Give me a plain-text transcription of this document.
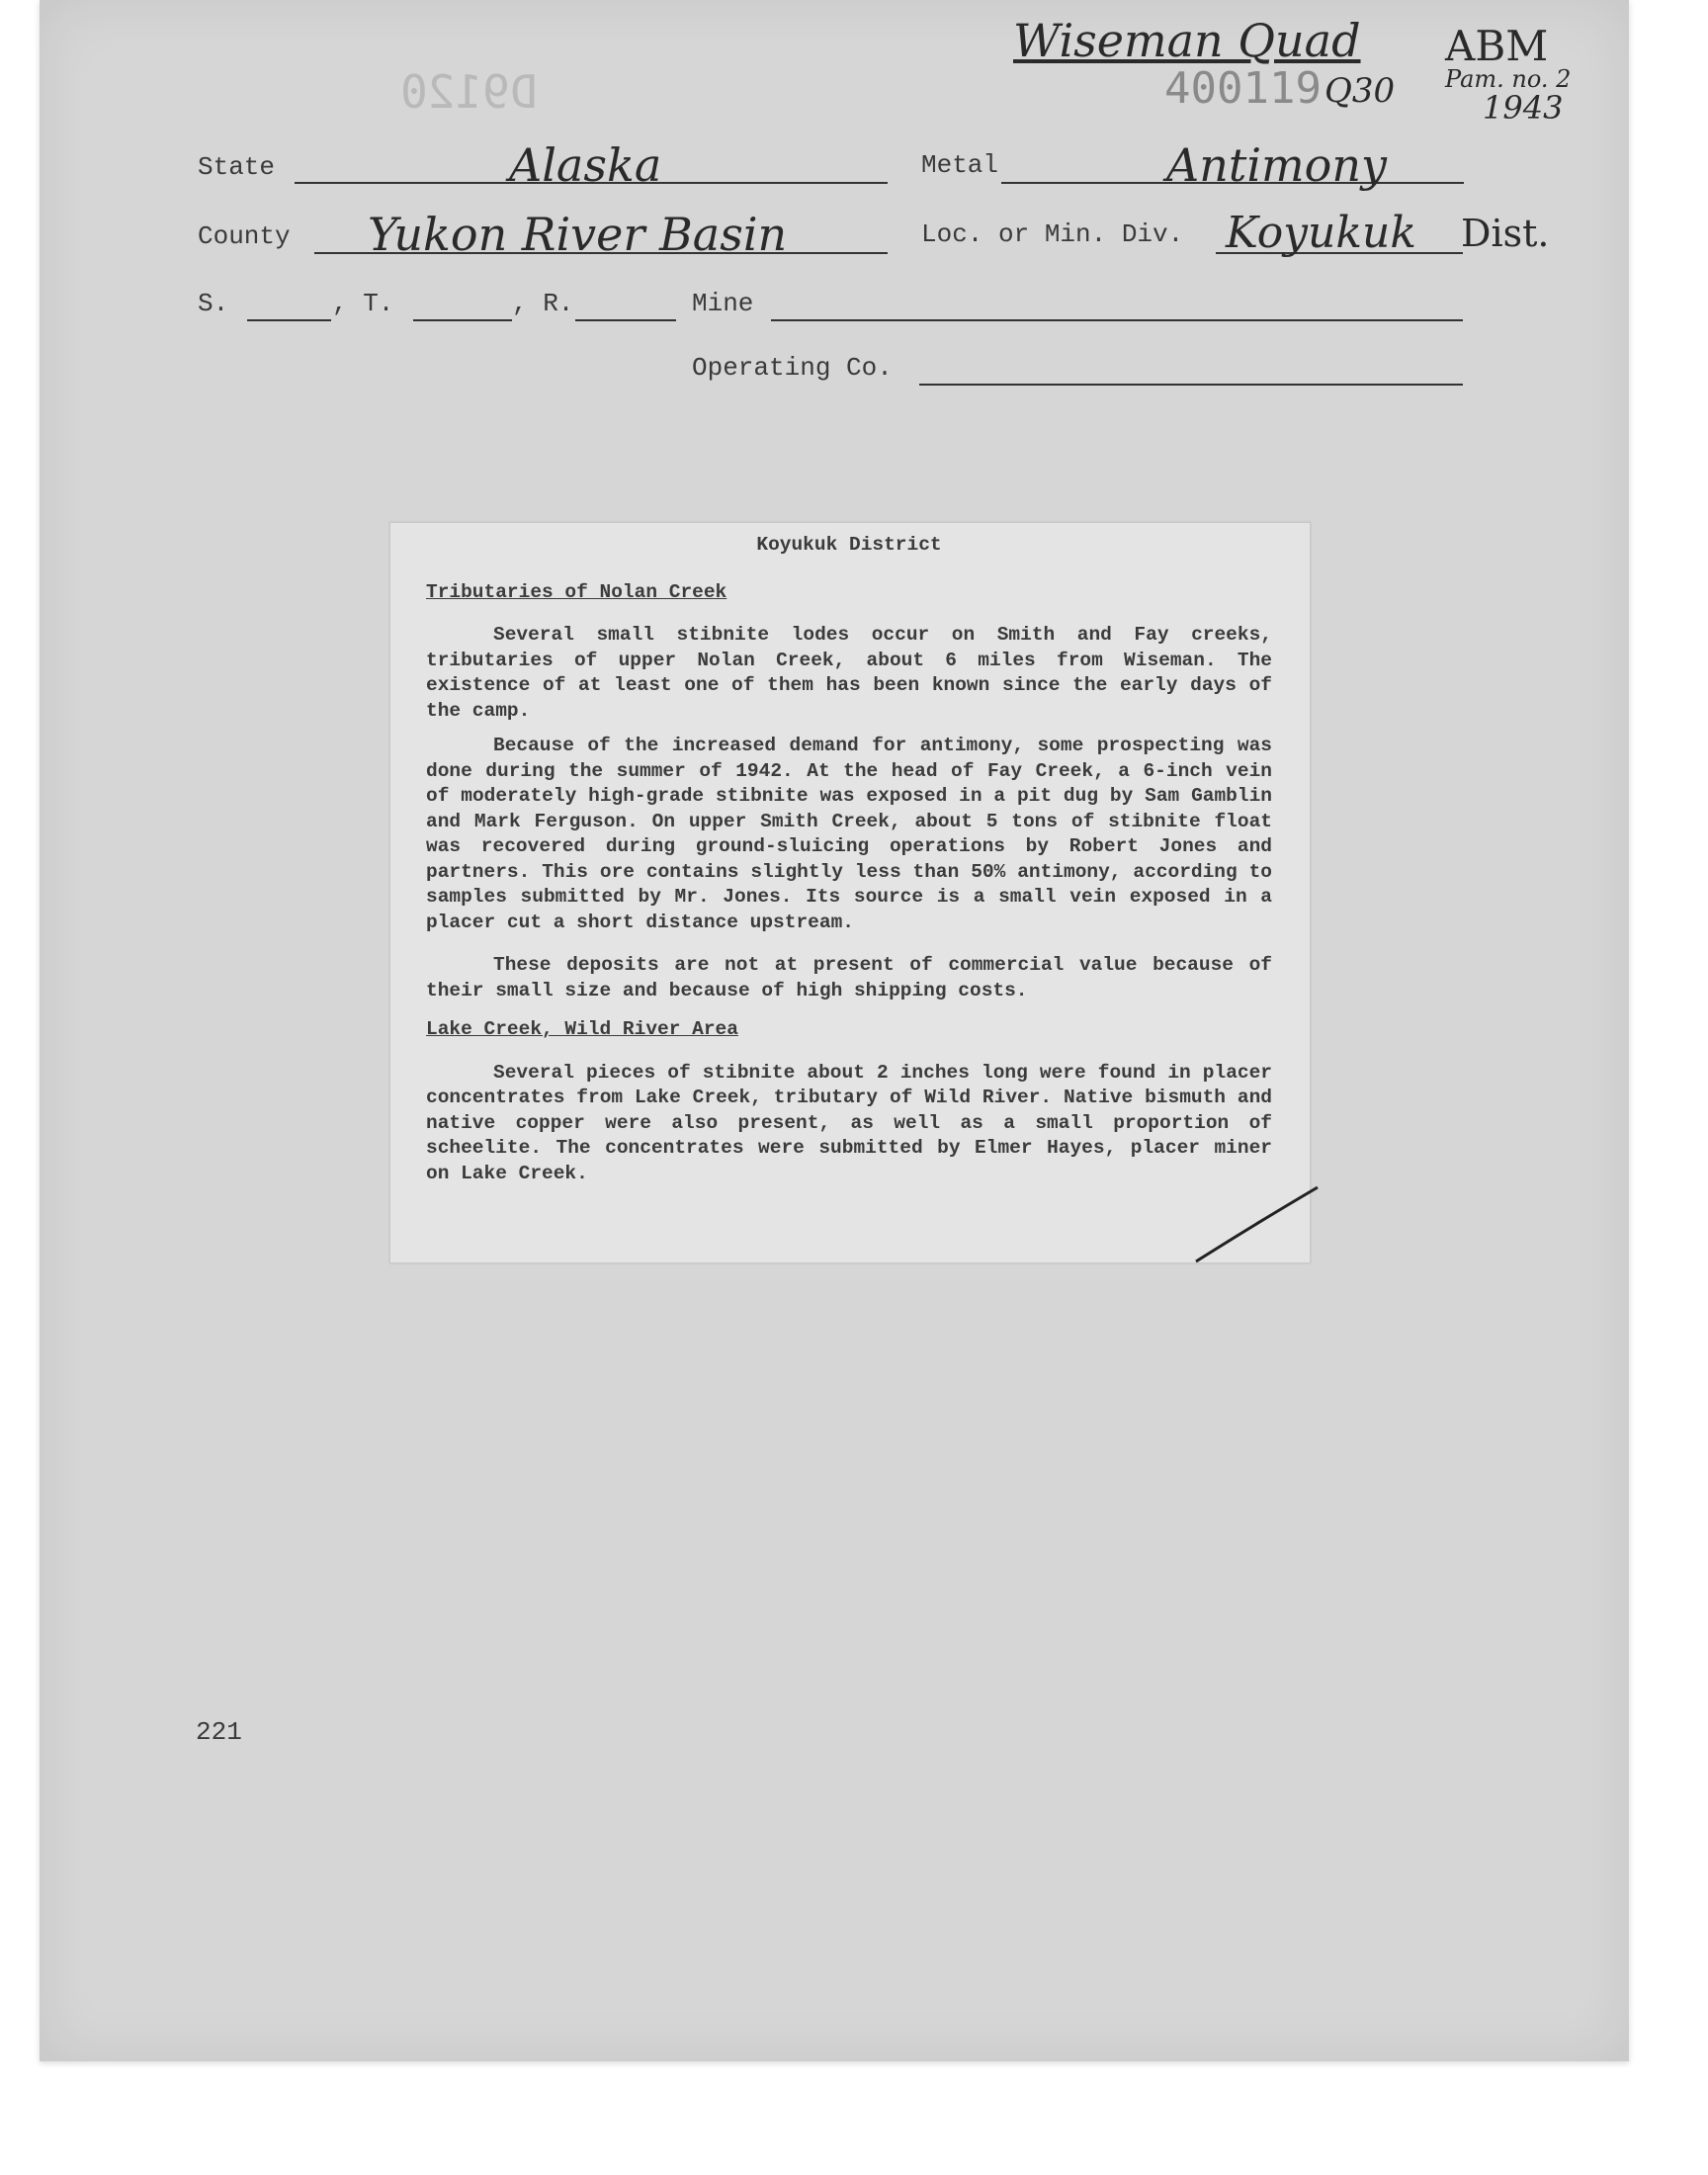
D9120
Wiseman Quad
400119 Q30
ABM
Pam. no. 2
1943
State	Alaska	Metal	Antimony
County Yukon River Basin	Loc. or Min. Div. Koyukuk Dist.
S.	, T.	, R.	Mine
Operating Co.

Koyukuk District

Tributaries of Nolan Creek

Several small stibnite lodes occur on Smith and Fay creeks, tributaries of upper Nolan Creek, about 6 miles from Wiseman. The existence of at least one of them has been known since the early days of the camp.

Because of the increased demand for antimony, some prospecting was done during the summer of 1942. At the head of Fay Creek, a 6-inch vein of moderately high-grade stibnite was exposed in a pit dug by Sam Gamblin and Mark Ferguson. On upper Smith Creek, about 5 tons of stibnite float was recovered during ground-sluicing operations by Robert Jones and partners. This ore contains slightly less than 50% antimony, according to samples submitted by Mr. Jones. Its source is a small vein exposed in a placer cut a short distance upstream.

These deposits are not at present of commercial value because of their small size and because of high shipping costs.

Lake Creek, Wild River Area

Several pieces of stibnite about 2 inches long were found in placer concentrates from Lake Creek, tributary of Wild River. Native bismuth and native copper were also present, as well as a small proportion of scheelite. The concentrates were submitted by Elmer Hayes, placer miner on Lake Creek.

221
